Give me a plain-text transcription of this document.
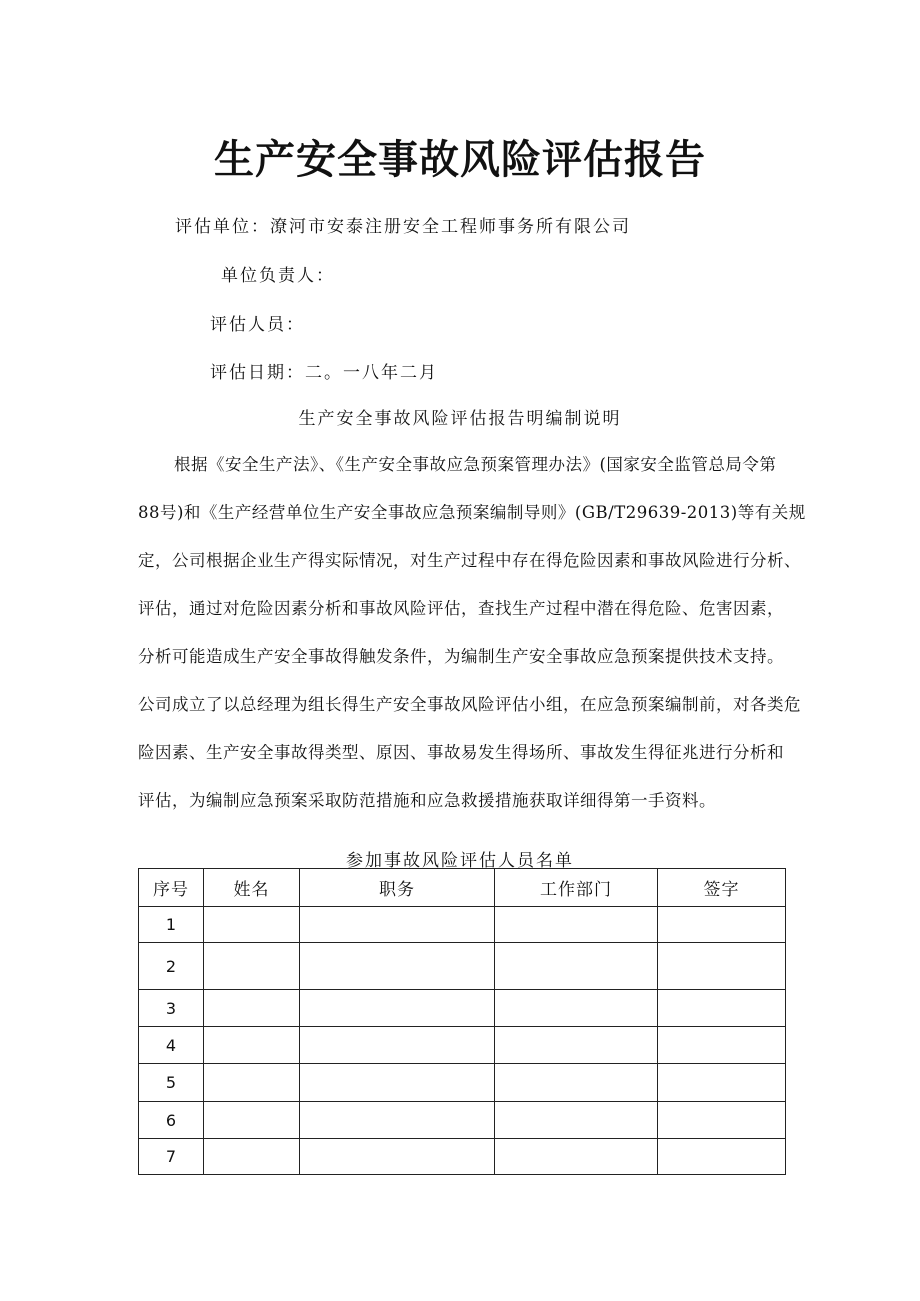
生产安全事故风险评估报告
评估单位：潦河市安泰注册安全工程师事务所有限公司
单位负责人：
评估人员：
评估日期：二。一八年二月
生产安全事故风险评估报告明编制说明

根据《安全生产法》、《生产安全事故应急预案管理办法》(国家安全监管总局令第

88号)和《生产经营单位生产安全事故应急预案编制导则》(GB/T29639-2013)等有关规

定，公司根据企业生产得实际情况，对生产过程中存在得危险因素和事故风险进行分析、

评估，通过对危险因素分析和事故风险评估，查找生产过程中潜在得危险、危害因素，

分析可能造成生产安全事故得触发条件，为编制生产安全事故应急预案提供技术支持。

公司成立了以总经理为组长得生产安全事故风险评估小组，在应急预案编制前，对各类危

险因素、生产安全事故得类型、原因、事故易发生得场所、事故发生得征兆进行分析和

评估，为编制应急预案采取防范措施和应急救援措施获取详细得第一手资料。

参加事故风险评估人员名单
序号	姓名	职务	工作部门	签字
1				
2				
3				
4				
5				
6				
7				
